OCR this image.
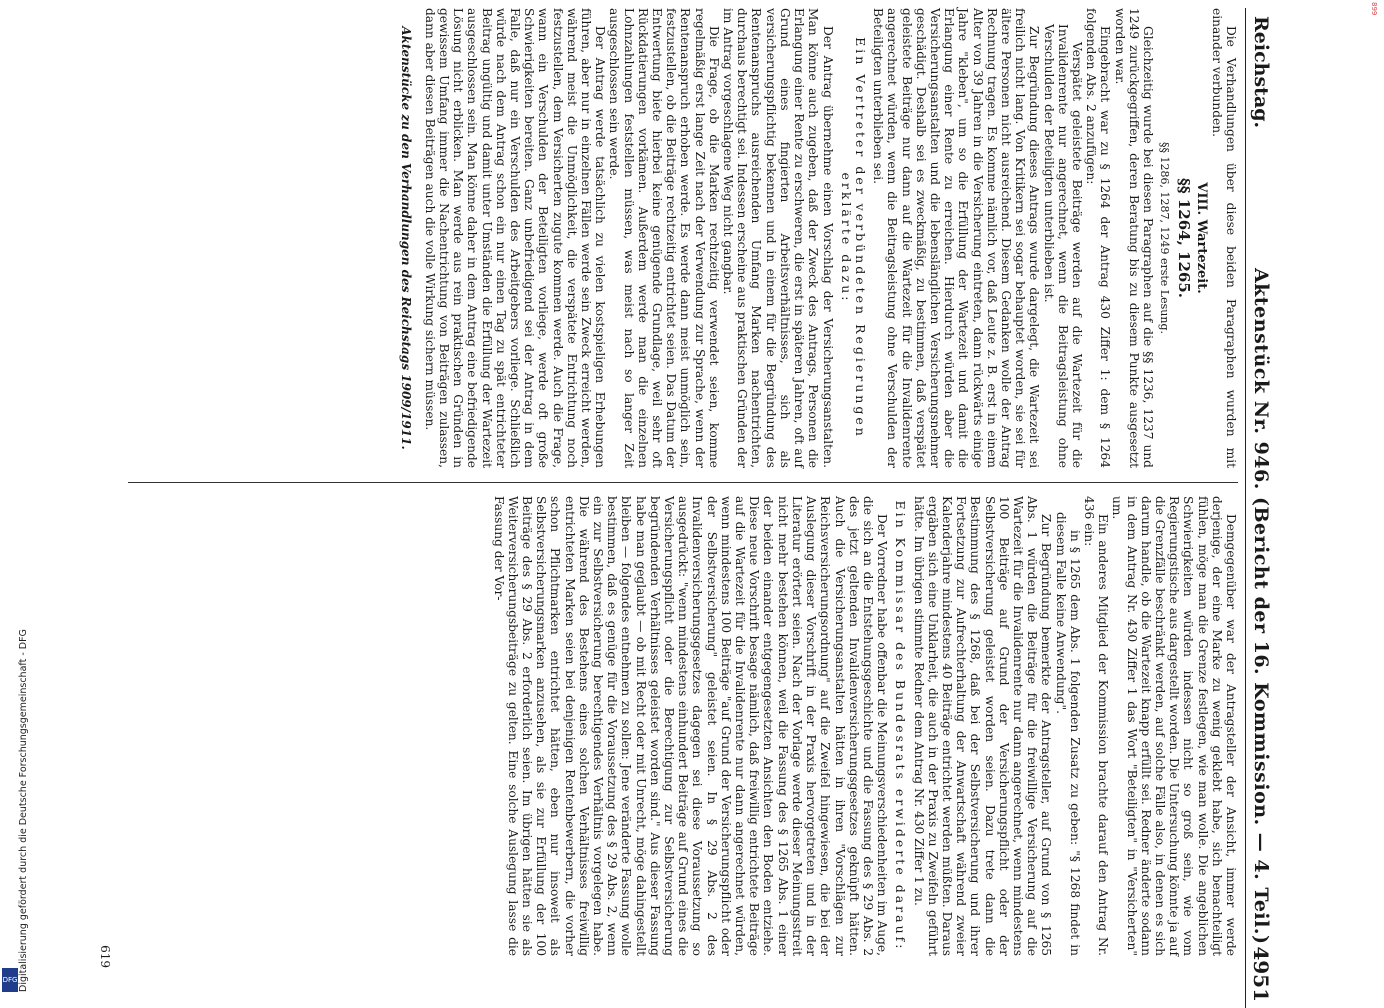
899
Digitalisierung gefördert durch die Deutsche Forschungsgemeinschaft - DFG
DFG
Reichstag.
Aktenstück Nr. 946. (Bericht der 16. Kommission. — 4. Teil.)
4951

Die Verhandlungen über diese beiden Paragraphen wurden mit einander verbunden.

VIII. Wartezeit.
§§ 1264, 1265.
§§ 1286, 1287, 1249 erste Lesung.

Gleichzeitig wurde bei diesen Paragraphen auf die §§ 1236, 1237 und 1249 zurückgegriffen, deren Beratung bis zu diesem Punkte ausgesetzt worden war.

Eingebracht war zu § 1264 der Antrag 430 Ziffer 1: dem § 1264 folgenden Abs. 2 anzufügen:

Verspätet geleistete Beiträge werden auf die Wartezeit für die Invalidenrente nur angerechnet, wenn die Beitragsleistung ohne Verschulden der Beteiligten unterblieben ist.

Zur Begründung dieses Antrags wurde dargelegt, die Wartezeit sei freilich nicht lang. Von Kritikern sei sogar behauptet worden, sie sei für ältere Personen nicht ausreichend. Diesem Gedanken wolle der Antrag Rechnung tragen. Es komme nämlich vor, daß Leute z. B. erst in einem Alter von 39 Jahren in die Versicherung eintreten, dann rückwärts einige Jahre "kleben", um so die Erfüllung der Wartezeit und damit die Erlangung einer Rente zu erreichen. Hierdurch würden aber die Versicherungsanstalten und die lebenslänglichen Versicherungsnehmer geschädigt. Deshalb sei es zweckmäßig, zu bestimmen, daß verspätet geleistete Beiträge nur dann auf die Wartezeit für die Invalidenrente angerechnet würden, wenn die Beitragsleistung ohne Verschulden der Beteiligten unterblieben sei.

Ein Vertreter der verbündeten Regierungen erklärte dazu:

Der Antrag übernehme einen Vorschlag der Versicherungsanstalten. Man könne auch zugeben, daß der Zweck des Antrags, Personen die Erlangung einer Rente zu erschweren, die erst in späteren Jahren, oft auf Grund eines fingierten Arbeitsverhältnisses, sich als versicherungspflichtig bekennen und in einem für die Begründung des Rentenanspruchs ausreichenden Umfang Marken nachentrichten, durchaus berechtigt sei. Indessen erscheine aus praktischen Gründen der im Antrag vorgeschlagene Weg nicht gangbar.

Die Frage, ob die Marken rechtzeitig verwendet seien, komme regelmäßig erst lange Zeit nach der Verwendung zur Sprache, wenn der Rentenanspruch erhoben werde. Es werde dann meist unmöglich sein, festzustellen, ob die Beiträge rechtzeitig entrichtet seien. Das Datum der Entwertung biete hierbei keine genügende Grundlage, weil sehr oft Rückdatierungen vorkämen. Außerdem werde man die einzelnen Lohnzahlungen feststellen müssen, was meist nach so langer Zeit ausgeschlossen sein werde.

Der Antrag werde tatsächlich zu vielen kostspieligen Erhebungen führen, aber nur in einzelnen Fällen werde sein Zweck erreicht werden, während meist die Unmöglichkeit, die verspätete Entrichtung noch festzustellen, dem Versicherten zugute kommen werde. Auch die Frage, wann ein Verschulden der Beteiligten vorliege, werde oft große Schwierigkeiten bereiten. Ganz unbefriedigend sei der Antrag in dem Falle, daß nur ein Verschulden des Arbeitgebers vorliege. Schließlich würde nach dem Antrag schon ein nur einen Tag zu spät entrichteter Beitrag ungültig und damit unter Umständen die Erfüllung der Wartezeit ausgeschlossen sein. Man könne daher in dem Antrag eine befriedigende Lösung nicht erblicken. Man werde aus rein praktischen Gründen in gewissem Umfang immer die Nachentrichtung von Beiträgen zulassen, dann aber diesen Beiträgen auch die volle Wirkung sichern müssen.

Aktenstücke zu den Verhandlungen des Reichstags 1909/1911.

Demgegenüber war der Antragsteller der Ansicht, immer werde derjenige, der eine Marke zu wenig geklebt habe, sich benachteiligt fühlen, möge man die Grenze festlegen, wie man wolle. Die angeblichen Schwierigkeiten würden indessen nicht so groß sein, wie vom Regierungstische aus dargestellt worden. Die Untersuchung könnte ja auf die Grenzfälle beschränkt werden, auf solche Fälle also, in denen es sich darum handle, ob die Wartezeit knapp erfüllt sei. Redner änderte sodann in dem Antrag Nr. 430 Ziffer 1 das Wort "Beteiligten" in "Versicherten" um.

Ein anderes Mitglied der Kommission brachte darauf den Antrag Nr. 436 ein:

in § 1265 dem Abs. 1 folgenden Zusatz zu geben: "§ 1268 findet in diesem Falle keine Anwendung".

Zur Begründung bemerkte der Antragsteller, auf Grund von § 1265 Abs. 1 würden die Beiträge für die freiwillige Versicherung auf die Wartezeit für die Invalidenrente nur dann angerechnet, wenn mindestens 100 Beiträge auf Grund der Versicherungspflicht oder der Selbstversicherung geleistet worden seien. Dazu trete dann die Bestimmung des § 1268, daß bei der Selbstversicherung und ihrer Fortsetzung zur Aufrechterhaltung der Anwartschaft während zweier Kalenderjahre mindestens 40 Beiträge entrichtet werden müßten. Daraus ergäben sich eine Unklarheit, die auch in der Praxis zu Zweifeln geführt hätte. Im übrigen stimmte Redner dem Antrag Nr. 430 Ziffer 1 zu.

Ein Kommissar des Bundesrats erwiderte darauf:

Der Vorredner habe offenbar die Meinungsverschiedenheiten im Auge, die sich an die Entstehungsgeschichte und die Fassung des § 29 Abs. 2 des jetzt geltenden Invalidenversicherungsgesetzes geknüpft hätten. Auch die Versicherungsanstalten hätten in ihren "Vorschlägen zur Reichsversicherungsordnung" auf die Zweifel hingewiesen, die bei der Auslegung dieser Vorschrift in der Praxis hervorgetreten und in der Literatur erörtert seien. Nach der Vorlage werde dieser Meinungsstreit nicht mehr bestehen können, weil die Fassung des § 1265 Abs. 1 einer der beiden einander entgegengesetzten Ansichten den Boden entziehe. Diese neue Vorschrift besage nämlich, daß freiwillig entrichtete Beiträge auf die Wartezeit für die Invalidenrente nur dann angerechnet würden, wenn mindestens 100 Beiträge "auf Grund der Versicherungspflicht oder der Selbstversicherung" geleistet seien. In § 29 Abs. 2 des Invalidenversicherungsgesetzes dagegen sei diese Voraussetzung so ausgedrückt: "wenn mindestens einhundert Beiträge auf Grund eines die Versicherungspflicht oder die Berechtigung zur Selbstversicherung begründenden Verhältnisses geleistet worden sind." Aus dieser Fassung habe man geglaubt — ob mit Recht oder mit Unrecht, möge dahingestellt bleiben — folgendes entnehmen zu sollen: Jene veränderte Fassung wolle bestimmen, daß es genüge für die Voraussetzung des § 29 Abs. 2, wenn ein zur Selbstversicherung berechtigendes Verhältnis vorgelegen habe. Die während des Bestehens eines solchen Verhältnisses freiwillig entrichteten Marken seien bei denjenigen Rentenbewerbern, die vorher schon Pflichtmarken entrichtet hätten, eben nur insoweit als Selbstversicherungsmarken anzusehen, als sie zur Erfüllung der 100 Beiträge des § 29 Abs. 2 erforderlich seien. Im übrigen hätten sie als Weiterversicherungsbeiträge zu gelten. Eine solche Auslegung lasse die Fassung der Vor-

619
